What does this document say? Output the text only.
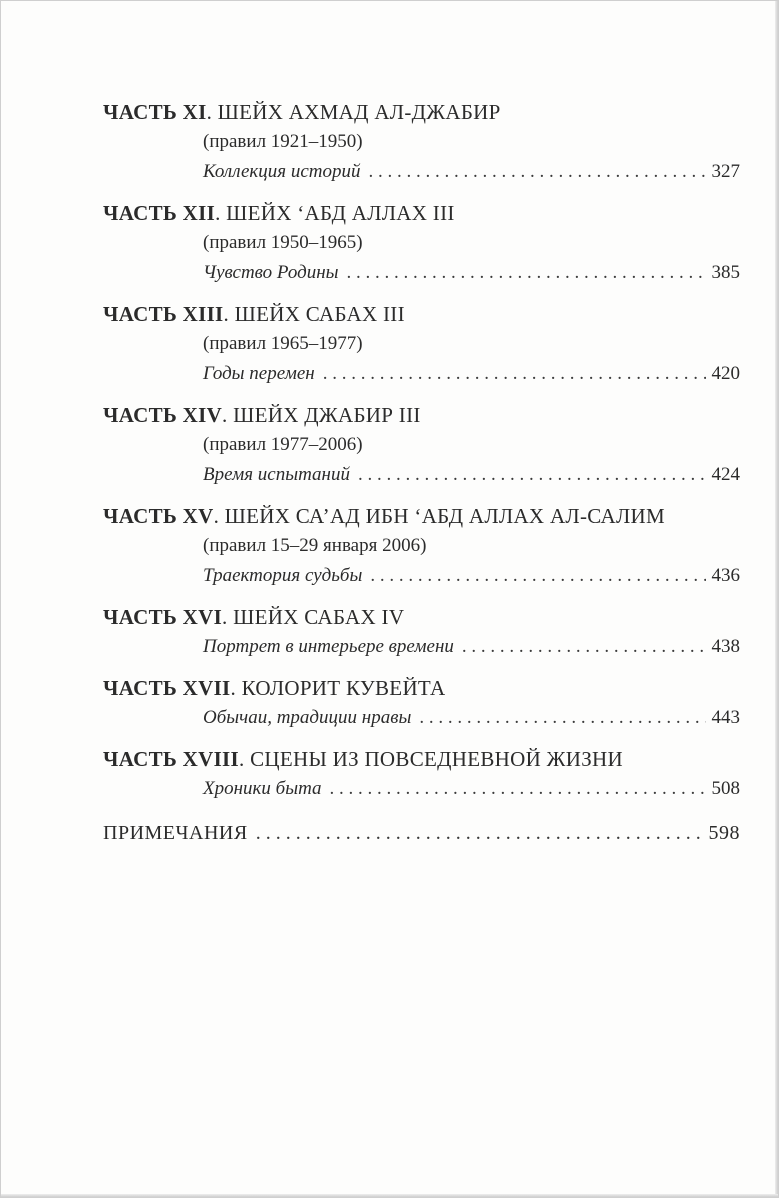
ЧАСТЬ XI. ШЕЙХ АХМАД АЛ-ДЖАБИР
(правил 1921–1950)
Коллекция историй . . .	327
ЧАСТЬ XII. ШЕЙХ ‘АБД АЛЛАХ III
(правил 1950–1965)
Чувство Родины . . .	385
ЧАСТЬ XIII. ШЕЙХ САБАХ III
(правил 1965–1977)
Годы перемен . . .	420
ЧАСТЬ XIV. ШЕЙХ ДЖАБИР III
(правил 1977–2006)
Время испытаний . . .	424
ЧАСТЬ XV. ШЕЙХ СА’АД ИБН ‘АБД АЛЛАХ АЛ-САЛИМ
(правил 15–29 января 2006)
Траектория судьбы . . .	436
ЧАСТЬ XVI. ШЕЙХ САБАХ IV
Портрет в интерьере времени . . .	438
ЧАСТЬ XVII. КОЛОРИТ КУВЕЙТА
Обычаи, традиции нравы . . .	443
ЧАСТЬ XVIII. СЦЕНЫ ИЗ ПОВСЕДНЕВНОЙ ЖИЗНИ
Хроники быта . . .	508
ПРИМЕЧАНИЯ . . .	598
